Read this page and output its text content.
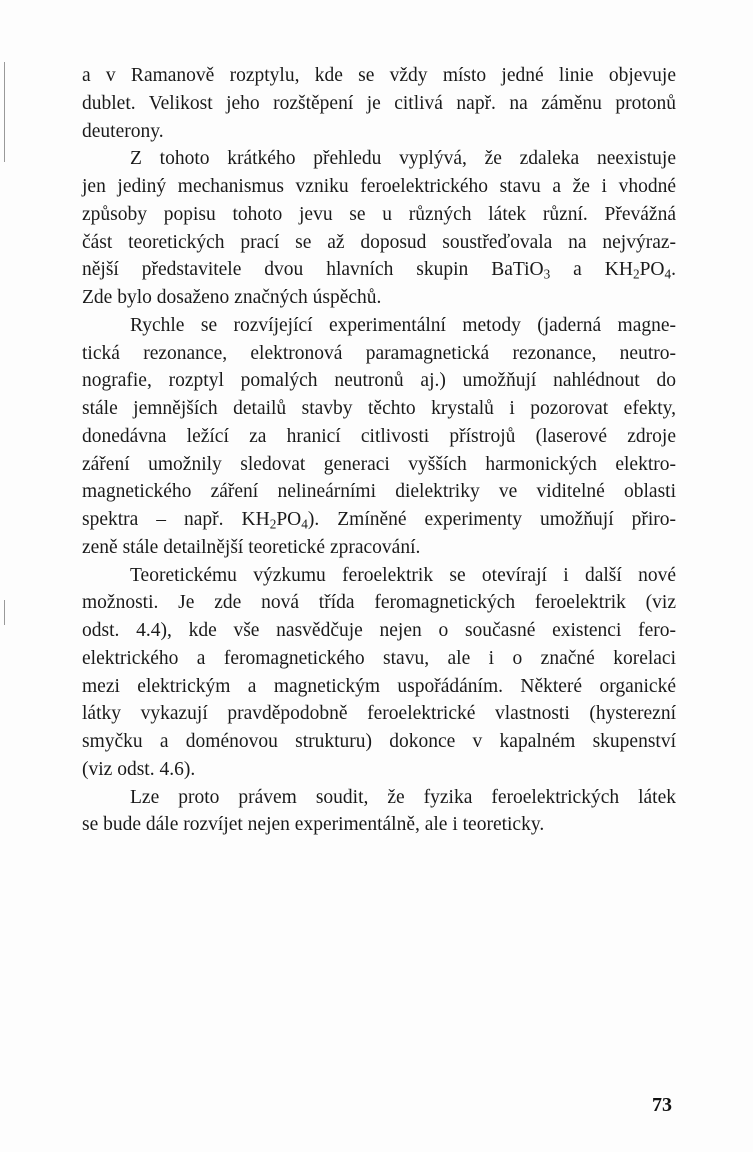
a v Ramanově rozptylu, kde se vždy místo jedné linie objevuje
dublet. Velikost jeho rozštěpení je citlivá např. na záměnu protonů
deuterony.
Z tohoto krátkého přehledu vyplývá, že zdaleka neexistuje
jen jediný mechanismus vzniku feroelektrického stavu a že i vhodné
způsoby popisu tohoto jevu se u různých látek různí. Převážná
část teoretických prací se až doposud soustřeďovala na nejvýraz-
nější představitele dvou hlavních skupin BaTiO$_3$ a $KH_2PO_4$.
Zde bylo dosaženo značných úspěchů.
Rychle se rozvíjející experimentální metody (jaderná magne-
tická rezonance, elektronová paramagnetická rezonance, neutro-
nografie, rozptyl pomalých neutronů aj.) umožňují nahlédnout do
stále jemnějších detailů stavby těchto krystalů i pozorovat efekty,
donedávna ležící za hranicí citlivosti přístrojů (laserové zdroje
záření umožnily sledovat generaci vyšších harmonických elektro-
magnetického záření nelineárními dielektriky ve viditelné oblasti
spektra – např. $KH_2PO_4$). Zmíněné experimenty umožňují přiro-
zeně stále detailnější teoretické zpracování.
Teoretickému výzkumu feroelektrik se otevírají i další nové
možnosti. Je zde nová třída feromagnetických feroelektrik (viz
odst. 4.4), kde vše nasvědčuje nejen o současné existenci fero-
elektrického a feromagnetického stavu, ale i o značné korelaci
mezi elektrickým a magnetickým uspořádáním. Některé organické
látky vykazují pravděpodobně feroelektrické vlastnosti (hysterezní
smyčku a doménovou strukturu) dokonce v kapalném skupenství
(viz odst. 4.6).
Lze proto právem soudit, že fyzika feroelektrických látek
se bude dále rozvíjet nejen experimentálně, ale i teoreticky.
73
